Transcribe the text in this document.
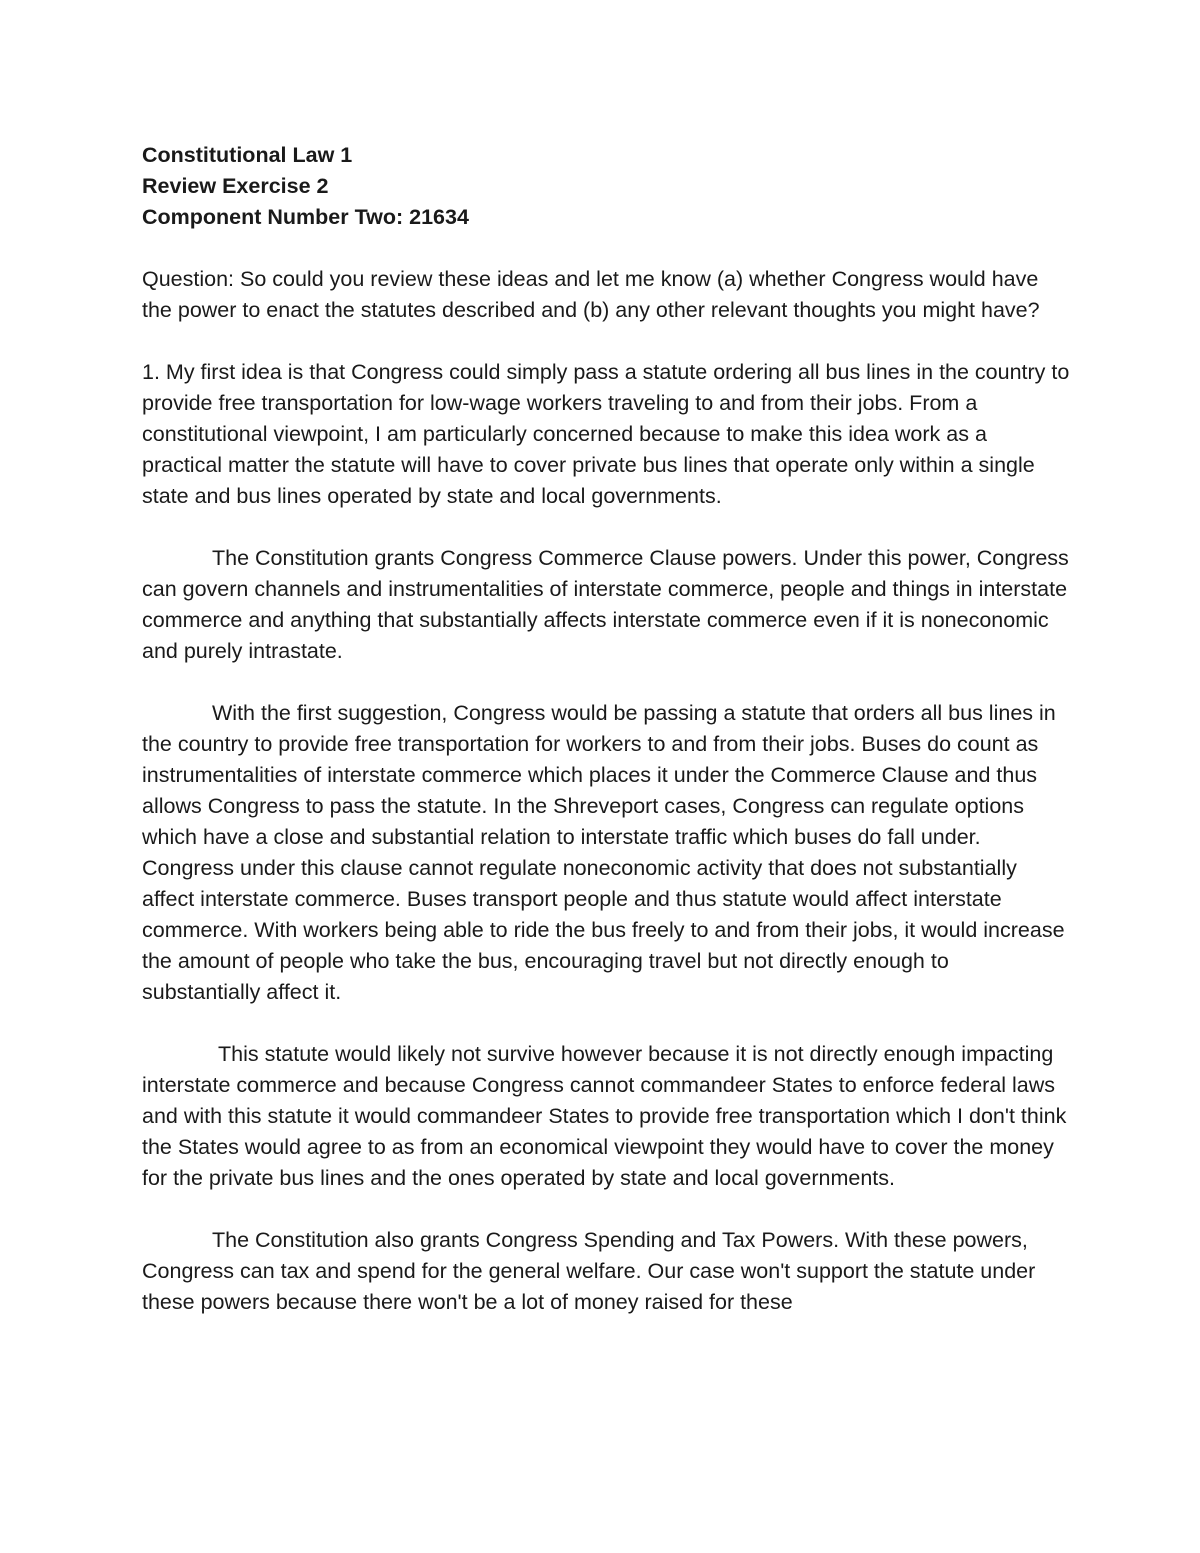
Constitutional Law 1

Review Exercise 2

Component Number Two: 21634

Question: So could you review these ideas and let me know (a) whether Congress would have the power to enact the statutes described and (b) any other relevant thoughts you might have?

1. My first idea is that Congress could simply pass a statute ordering all bus lines in the country to provide free transportation for low-wage workers traveling to and from their jobs. From a constitutional viewpoint, I am particularly concerned because to make this idea work as a practical matter the statute will have to cover private bus lines that operate only within a single state and bus lines operated by state and local governments.

The Constitution grants Congress Commerce Clause powers. Under this power, Congress can govern channels and instrumentalities of interstate commerce, people and things in interstate commerce and anything that substantially affects interstate commerce even if it is noneconomic and purely intrastate.

With the first suggestion, Congress would be passing a statute that orders all bus lines in the country to provide free transportation for workers to and from their jobs. Buses do count as instrumentalities of interstate commerce which places it under the Commerce Clause and thus allows Congress to pass the statute. In the Shreveport cases, Congress can regulate options which have a close and substantial relation to interstate traffic which buses do fall under. Congress under this clause cannot regulate noneconomic activity that does not substantially affect interstate commerce. Buses transport people and thus statute would affect interstate commerce. With workers being able to ride the bus freely to and from their jobs, it would increase the amount of people who take the bus, encouraging travel but not directly enough to substantially affect it.

This statute would likely not survive however because it is not directly enough impacting interstate commerce and because Congress cannot commandeer States to enforce federal laws and with this statute it would commandeer States to provide free transportation which I don't think the States would agree to as from an economical viewpoint they would have to cover the money for the private bus lines and the ones operated by state and local governments.

The Constitution also grants Congress Spending and Tax Powers. With these powers, Congress can tax and spend for the general welfare. Our case won't support the statute under these powers because there won't be a lot of money raised for these
